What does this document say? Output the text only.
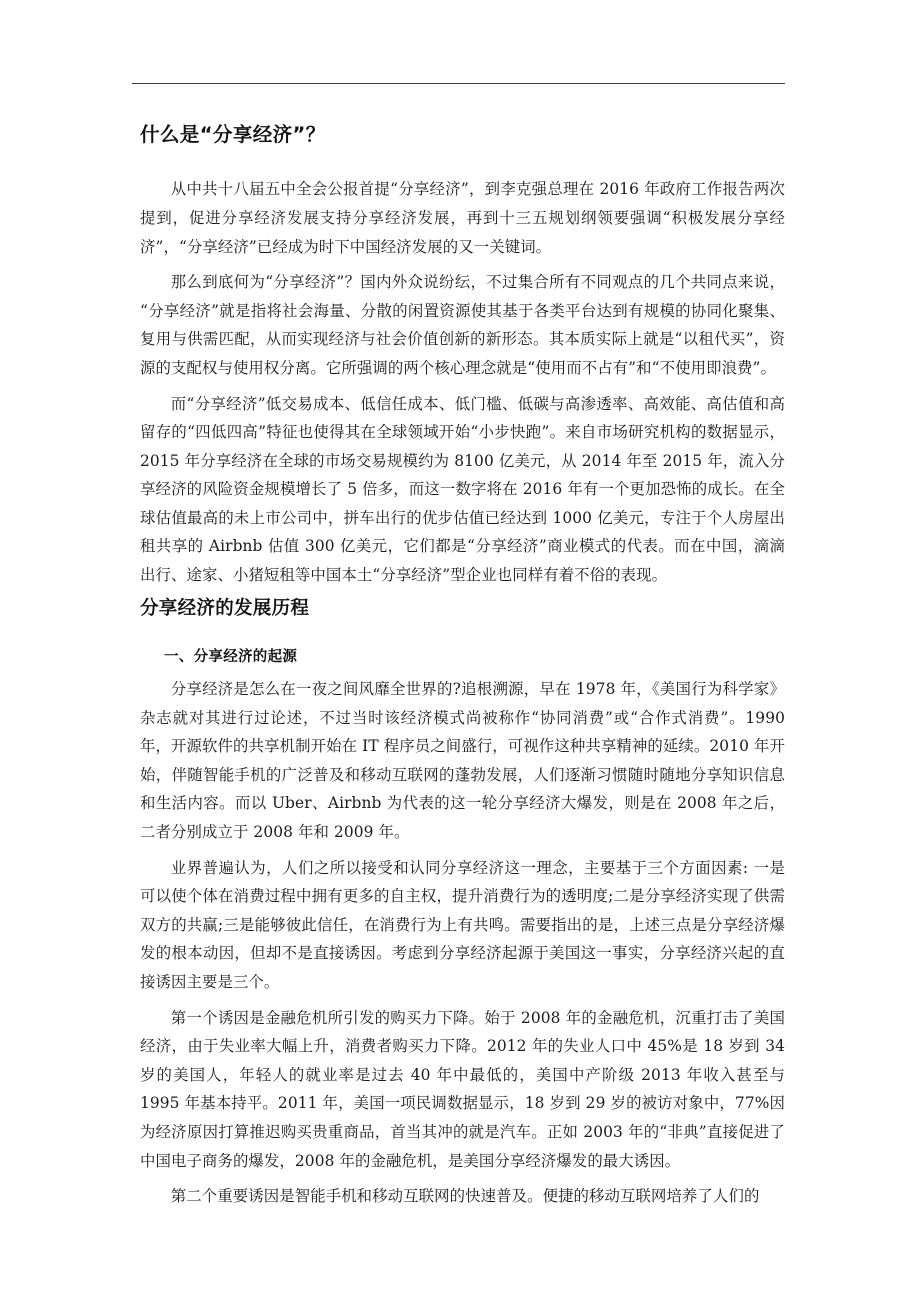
什么是“分享经济”？

从中共十八届五中全会公报首提“分享经济”，到李克强总理在 2016 年政府工作报告两次提到，促进分享经济发展支持分享经济发展，再到十三五规划纲领要强调“积极发展分享经济”，“分享经济”已经成为时下中国经济发展的又一关键词。

那么到底何为“分享经济”？国内外众说纷纭，不过集合所有不同观点的几个共同点来说，“分享经济”就是指将社会海量、分散的闲置资源使其基于各类平台达到有规模的协同化聚集、复用与供需匹配，从而实现经济与社会价值创新的新形态。其本质实际上就是“以租代买”，资源的支配权与使用权分离。它所强调的两个核心理念就是“使用而不占有”和“不使用即浪费”。

而“分享经济”低交易成本、低信任成本、低门槛、低碳与高渗透率、高效能、高估值和高留存的“四低四高”特征也使得其在全球领域开始“小步快跑”。来自市场研究机构的数据显示，2015 年分享经济在全球的市场交易规模约为 8100 亿美元，从 2014 年至 2015 年，流入分享经济的风险资金规模增长了 5 倍多，而这一数字将在 2016 年有一个更加恐怖的成长。在全球估值最高的未上市公司中，拼车出行的优步估值已经达到 1000 亿美元，专注于个人房屋出租共享的 Airbnb 估值 300 亿美元，它们都是“分享经济”商业模式的代表。而在中国，滴滴出行、途家、小猪短租等中国本土“分享经济”型企业也同样有着不俗的表现。

分享经济的发展历程
一、分享经济的起源

分享经济是怎么在一夜之间风靡全世界的?追根溯源，早在 1978 年，《美国行为科学家》杂志就对其进行过论述，不过当时该经济模式尚被称作“协同消费”或“合作式消费”。1990 年，开源软件的共享机制开始在 IT 程序员之间盛行，可视作这种共享精神的延续。2010 年开始，伴随智能手机的广泛普及和移动互联网的蓬勃发展，人们逐渐习惯随时随地分享知识信息和生活内容。而以 Uber、Airbnb 为代表的这一轮分享经济大爆发，则是在 2008 年之后，二者分别成立于 2008 年和 2009 年。

业界普遍认为，人们之所以接受和认同分享经济这一理念，主要基于三个方面因素: 一是可以使个体在消费过程中拥有更多的自主权，提升消费行为的透明度;二是分享经济实现了供需双方的共赢;三是能够彼此信任，在消费行为上有共鸣。需要指出的是，上述三点是分享经济爆发的根本动因，但却不是直接诱因。考虑到分享经济起源于美国这一事实，分享经济兴起的直接诱因主要是三个。

第一个诱因是金融危机所引发的购买力下降。始于 2008 年的金融危机，沉重打击了美国经济，由于失业率大幅上升，消费者购买力下降。2012 年的失业人口中 45%是 18 岁到 34 岁的美国人，年轻人的就业率是过去 40 年中最低的，美国中产阶级 2013 年收入甚至与 1995 年基本持平。2011 年，美国一项民调数据显示，18 岁到 29 岁的被访对象中，77%因为经济原因打算推迟购买贵重商品，首当其冲的就是汽车。正如 2003 年的“非典”直接促进了中国电子商务的爆发，2008 年的金融危机，是美国分享经济爆发的最大诱因。

第二个重要诱因是智能手机和移动互联网的快速普及。便捷的移动互联网培养了人们的
